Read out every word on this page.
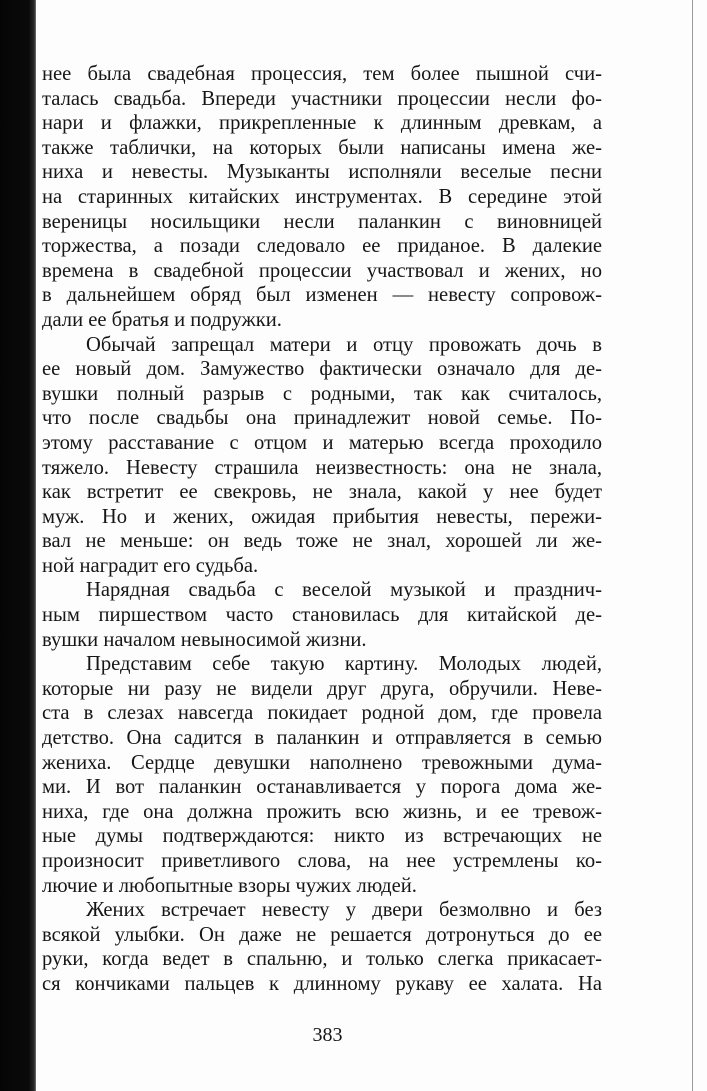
нее была свадебная процессия, тем более пышной счи-
талась свадьба. Впереди участники процессии несли фо-
нари и флажки, прикрепленные к длинным древкам, а
также таблички, на которых были написаны имена же-
ниха и невесты. Музыканты исполняли веселые песни
на старинных китайских инструментах. В середине этой
вереницы носильщики несли паланкин с виновницей
торжества, а позади следовало ее приданое. В далекие
времена в свадебной процессии участвовал и жених, но
в дальнейшем обряд был изменен — невесту сопровож-
дали ее братья и подружки.
Обычай запрещал матери и отцу провожать дочь в
ее новый дом. Замужество фактически означало для де-
вушки полный разрыв с родными, так как считалось,
что после свадьбы она принадлежит новой семье. По-
этому расставание с отцом и матерью всегда проходило
тяжело. Невесту страшила неизвестность: она не знала,
как встретит ее свекровь, не знала, какой у нее будет
муж. Но и жених, ожидая прибытия невесты, пережи-
вал не меньше: он ведь тоже не знал, хорошей ли же-
ной наградит его судьба.
Нарядная свадьба с веселой музыкой и празднич-
ным пиршеством часто становилась для китайской де-
вушки началом невыносимой жизни.
Представим себе такую картину. Молодых людей,
которые ни разу не видели друг друга, обручили. Неве-
ста в слезах навсегда покидает родной дом, где провела
детство. Она садится в паланкин и отправляется в семью
жениха. Сердце девушки наполнено тревожными дума-
ми. И вот паланкин останавливается у порога дома же-
ниха, где она должна прожить всю жизнь, и ее тревож-
ные думы подтверждаются: никто из встречающих не
произносит приветливого слова, на нее устремлены ко-
лючие и любопытные взоры чужих людей.
Жених встречает невесту у двери безмолвно и без
всякой улыбки. Он даже не решается дотронуться до ее
руки, когда ведет в спальню, и только слегка прикасает-
ся кончиками пальцев к длинному рукаву ее халата. На
383
